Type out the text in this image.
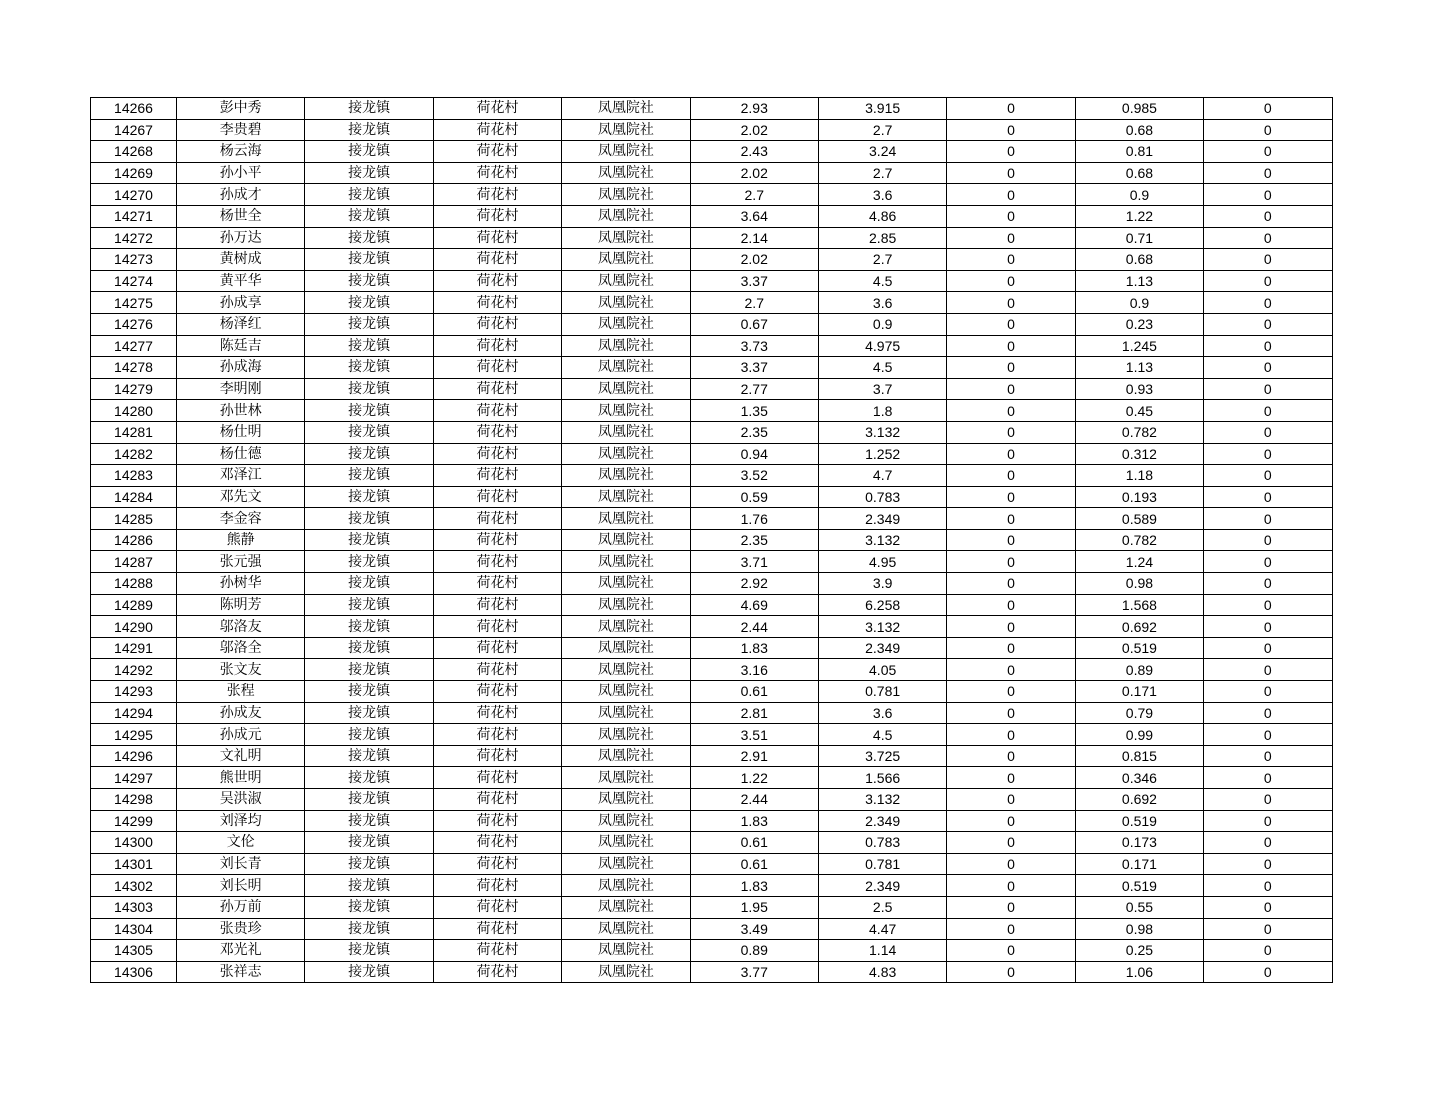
14266	彭中秀	接龙镇	荷花村	凤凰院社	2.93	3.915	0	0.985	0
14267	李贵碧	接龙镇	荷花村	凤凰院社	2.02	2.7	0	0.68	0
14268	杨云海	接龙镇	荷花村	凤凰院社	2.43	3.24	0	0.81	0
14269	孙小平	接龙镇	荷花村	凤凰院社	2.02	2.7	0	0.68	0
14270	孙成才	接龙镇	荷花村	凤凰院社	2.7	3.6	0	0.9	0
14271	杨世全	接龙镇	荷花村	凤凰院社	3.64	4.86	0	1.22	0
14272	孙万达	接龙镇	荷花村	凤凰院社	2.14	2.85	0	0.71	0
14273	黄树成	接龙镇	荷花村	凤凰院社	2.02	2.7	0	0.68	0
14274	黄平华	接龙镇	荷花村	凤凰院社	3.37	4.5	0	1.13	0
14275	孙成享	接龙镇	荷花村	凤凰院社	2.7	3.6	0	0.9	0
14276	杨泽红	接龙镇	荷花村	凤凰院社	0.67	0.9	0	0.23	0
14277	陈廷吉	接龙镇	荷花村	凤凰院社	3.73	4.975	0	1.245	0
14278	孙成海	接龙镇	荷花村	凤凰院社	3.37	4.5	0	1.13	0
14279	李明刚	接龙镇	荷花村	凤凰院社	2.77	3.7	0	0.93	0
14280	孙世林	接龙镇	荷花村	凤凰院社	1.35	1.8	0	0.45	0
14281	杨仕明	接龙镇	荷花村	凤凰院社	2.35	3.132	0	0.782	0
14282	杨仕德	接龙镇	荷花村	凤凰院社	0.94	1.252	0	0.312	0
14283	邓泽江	接龙镇	荷花村	凤凰院社	3.52	4.7	0	1.18	0
14284	邓先文	接龙镇	荷花村	凤凰院社	0.59	0.783	0	0.193	0
14285	李金容	接龙镇	荷花村	凤凰院社	1.76	2.349	0	0.589	0
14286	熊静	接龙镇	荷花村	凤凰院社	2.35	3.132	0	0.782	0
14287	张元强	接龙镇	荷花村	凤凰院社	3.71	4.95	0	1.24	0
14288	孙树华	接龙镇	荷花村	凤凰院社	2.92	3.9	0	0.98	0
14289	陈明芳	接龙镇	荷花村	凤凰院社	4.69	6.258	0	1.568	0
14290	邬洛友	接龙镇	荷花村	凤凰院社	2.44	3.132	0	0.692	0
14291	邬洛全	接龙镇	荷花村	凤凰院社	1.83	2.349	0	0.519	0
14292	张文友	接龙镇	荷花村	凤凰院社	3.16	4.05	0	0.89	0
14293	张程	接龙镇	荷花村	凤凰院社	0.61	0.781	0	0.171	0
14294	孙成友	接龙镇	荷花村	凤凰院社	2.81	3.6	0	0.79	0
14295	孙成元	接龙镇	荷花村	凤凰院社	3.51	4.5	0	0.99	0
14296	文礼明	接龙镇	荷花村	凤凰院社	2.91	3.725	0	0.815	0
14297	熊世明	接龙镇	荷花村	凤凰院社	1.22	1.566	0	0.346	0
14298	吴洪淑	接龙镇	荷花村	凤凰院社	2.44	3.132	0	0.692	0
14299	刘泽均	接龙镇	荷花村	凤凰院社	1.83	2.349	0	0.519	0
14300	文伦	接龙镇	荷花村	凤凰院社	0.61	0.783	0	0.173	0
14301	刘长青	接龙镇	荷花村	凤凰院社	0.61	0.781	0	0.171	0
14302	刘长明	接龙镇	荷花村	凤凰院社	1.83	2.349	0	0.519	0
14303	孙万前	接龙镇	荷花村	凤凰院社	1.95	2.5	0	0.55	0
14304	张贵珍	接龙镇	荷花村	凤凰院社	3.49	4.47	0	0.98	0
14305	邓光礼	接龙镇	荷花村	凤凰院社	0.89	1.14	0	0.25	0
14306	张祥志	接龙镇	荷花村	凤凰院社	3.77	4.83	0	1.06	0
